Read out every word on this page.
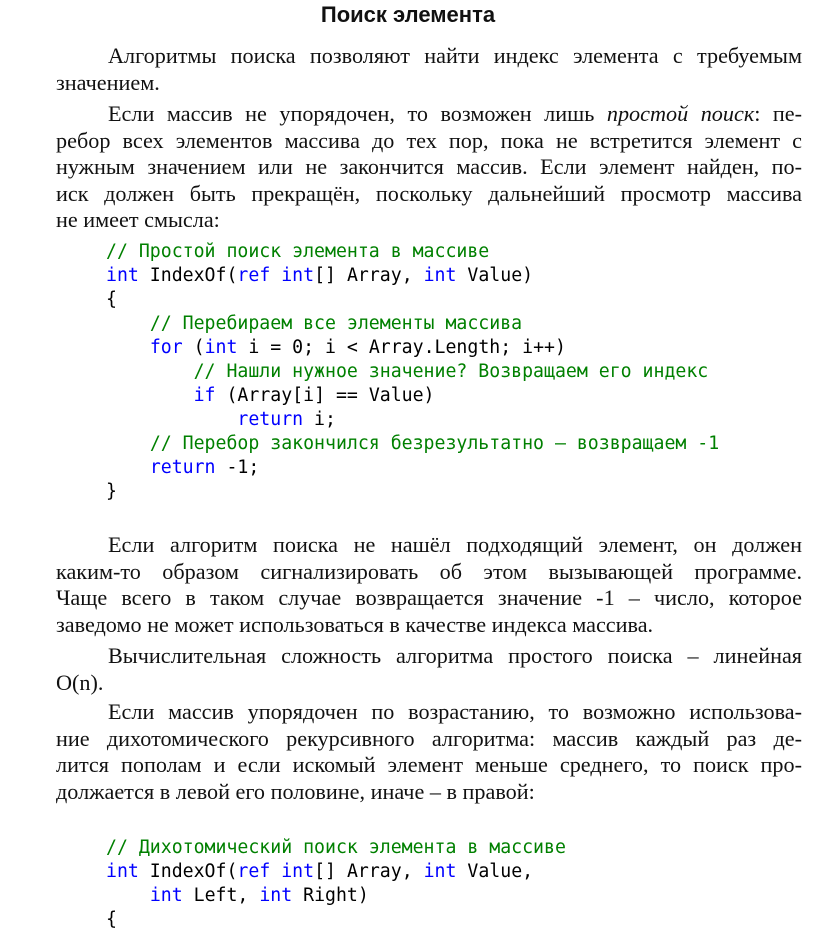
Поиск элемента
Алгоритмы поиска позволяют найти индекс элемента с требуемым
значением.
Если массив не упорядочен, то возможен лишь простой поиск: пе-
ребор всех элементов массива до тех пор, пока не встретится элемент с
нужным значением или не закончится массив. Если элемент найден, по-
иск должен быть прекращён, поскольку дальнейший просмотр массива
не имеет смысла:
// Простой поиск элемента в массиве
int IndexOf(ref int[] Array, int Value)
{
// Перебираем все элементы массива
for (int i = 0; i < Array.Length; i++)
// Нашли нужное значение? Возвращаем его индекс
if (Array[i] == Value)
return i;
// Перебор закончился безрезультатно – возвращаем -1
return -1;
}
Если алгоритм поиска не нашёл подходящий элемент, он должен
каким-то образом сигнализировать об этом вызывающей программе.
Чаще всего в таком случае возвращается значение -1 – число, которое
заведомо не может использоваться в качестве индекса массива.
Вычислительная сложность алгоритма простого поиска – линейная
O(n).
Если массив упорядочен по возрастанию, то возможно использова-
ние дихотомического рекурсивного алгоритма: массив каждый раз де-
лится пополам и если искомый элемент меньше среднего, то поиск про-
должается в левой его половине, иначе – в правой:
// Дихотомический поиск элемента в массиве
int IndexOf(ref int[] Array, int Value,
int Left, int Right)
{
